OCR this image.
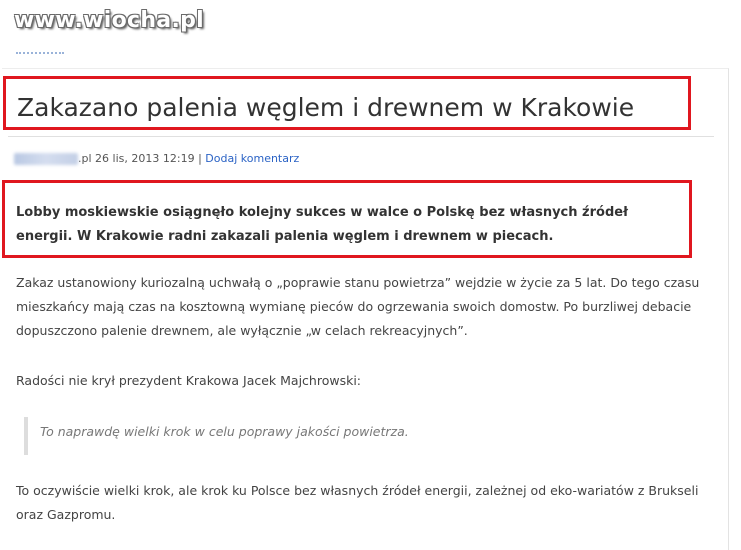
www.wiocha.pl
Zakazano palenia węglem i drewnem w Krakowie
.pl 26 lis, 2013 12:19 | Dodaj komentarz

Lobby moskiewskie osiągnęło kolejny sukces w walce o Polskę bez własnych źródeł energii. W Krakowie radni zakazali palenia węglem i drewnem w piecach.

Zakaz ustanowiony kuriozalną uchwałą o „poprawie stanu powietrza” wejdzie w życie za 5 lat. Do tego czasu mieszkańcy mają czas na kosztowną wymianę pieców do ogrzewania swoich domostw. Po burzliwej debacie dopuszczono palenie drewnem, ale wyłącznie „w celach rekreacyjnych”.

Radości nie krył prezydent Krakowa Jacek Majchrowski:

To naprawdę wielki krok w celu poprawy jakości powietrza.

To oczywiście wielki krok, ale krok ku Polsce bez własnych źródeł energii, zależnej od eko-wariatów z Brukseli oraz Gazpromu.
